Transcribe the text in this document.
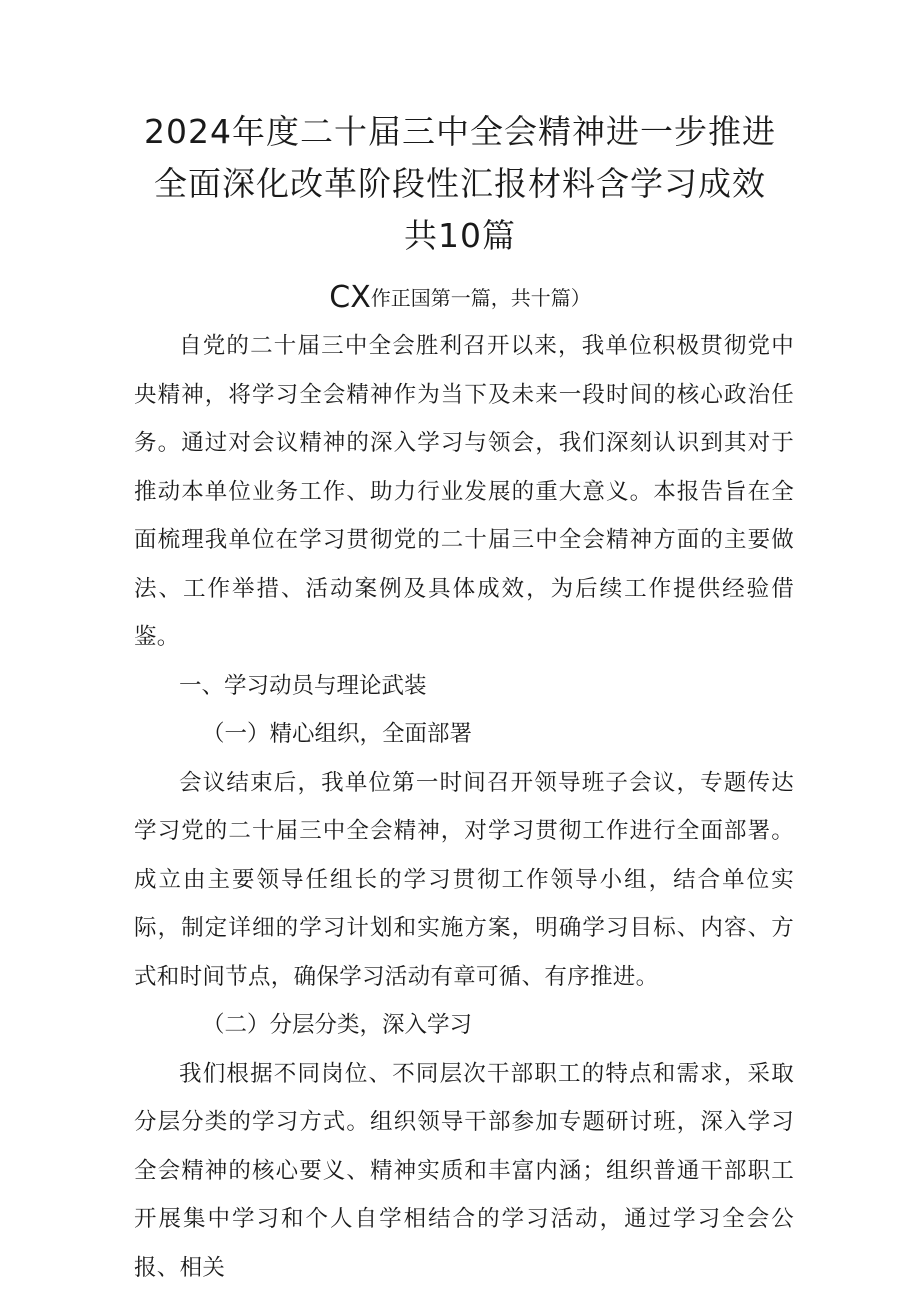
2024年度二十届三中全会精神进一步推进
全面深化改革阶段性汇报材料含学习成效
共10篇
CX作正国第一篇，共十篇）

自党的二十届三中全会胜利召开以来，我单位积极贯彻党中央精神，将学习全会精神作为当下及未来一段时间的核心政治任务。通过对会议精神的深入学习与领会，我们深刻认识到其对于推动本单位业务工作、助力行业发展的重大意义。本报告旨在全面梳理我单位在学习贯彻党的二十届三中全会精神方面的主要做法、工作举措、活动案例及具体成效，为后续工作提供经验借鉴。

一、学习动员与理论武装

（一）精心组织，全面部署

会议结束后，我单位第一时间召开领导班子会议，专题传达学习党的二十届三中全会精神，对学习贯彻工作进行全面部署。成立由主要领导任组长的学习贯彻工作领导小组，结合单位实际，制定详细的学习计划和实施方案，明确学习目标、内容、方式和时间节点，确保学习活动有章可循、有序推进。

（二）分层分类，深入学习

我们根据不同岗位、不同层次干部职工的特点和需求，采取分层分类的学习方式。组织领导干部参加专题研讨班，深入学习全会精神的核心要义、精神实质和丰富内涵；组织普通干部职工开展集中学习和个人自学相结合的学习活动，通过学习全会公报、相关
